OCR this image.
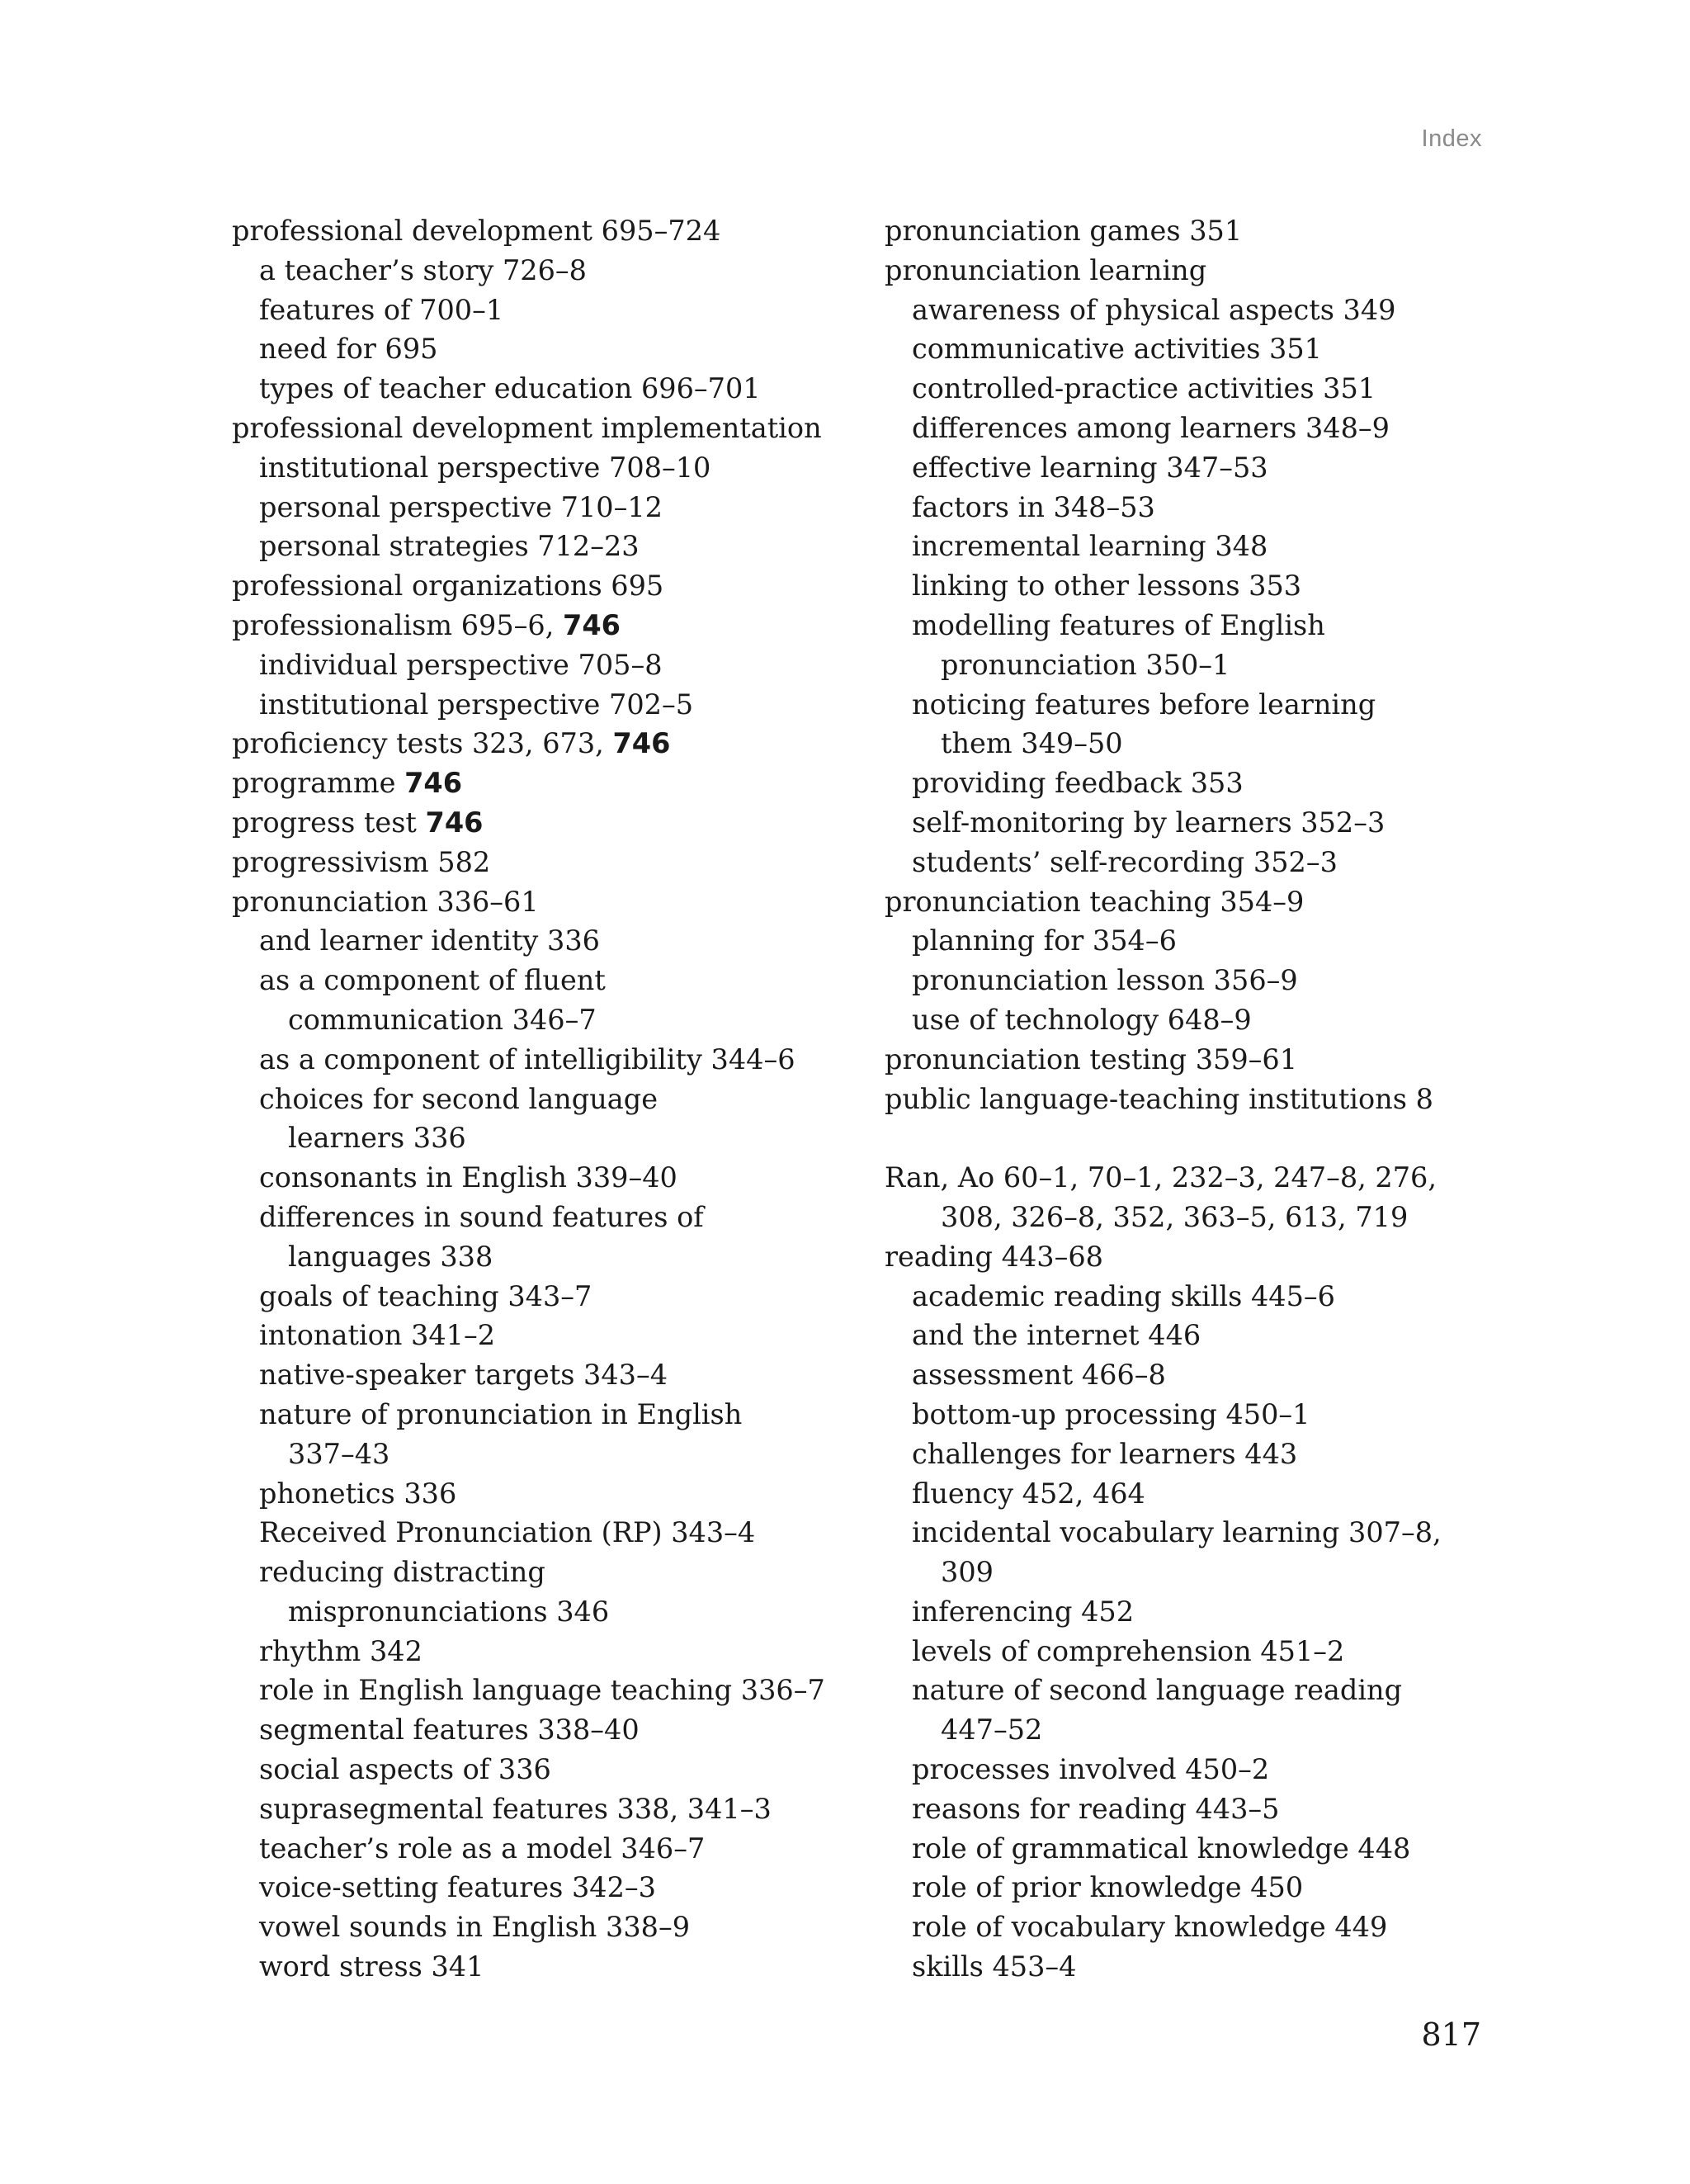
Index
professional development 695–724
a teacher’s story 726–8
features of 700–1
need for 695
types of teacher education 696–701
professional development implementation
institutional perspective 708–10
personal perspective 710–12
personal strategies 712–23
professional organizations 695
professionalism 695–6, 746
individual perspective 705–8
institutional perspective 702–5
proficiency tests 323, 673, 746
programme 746
progress test 746
progressivism 582
pronunciation 336–61
and learner identity 336
as a component of fluent
communication 346–7
as a component of intelligibility 344–6
choices for second language
learners 336
consonants in English 339–40
differences in sound features of
languages 338
goals of teaching 343–7
intonation 341–2
native-speaker targets 343–4
nature of pronunciation in English
337–43
phonetics 336
Received Pronunciation (RP) 343–4
reducing distracting
mispronunciations 346
rhythm 342
role in English language teaching 336–7
segmental features 338–40
social aspects of 336
suprasegmental features 338, 341–3
teacher’s role as a model 346–7
voice-setting features 342–3
vowel sounds in English 338–9
word stress 341
pronunciation games 351
pronunciation learning
awareness of physical aspects 349
communicative activities 351
controlled-practice activities 351
differences among learners 348–9
effective learning 347–53
factors in 348–53
incremental learning 348
linking to other lessons 353
modelling features of English
pronunciation 350–1
noticing features before learning
them 349–50
providing feedback 353
self-monitoring by learners 352–3
students’ self-recording 352–3
pronunciation teaching 354–9
planning for 354–6
pronunciation lesson 356–9
use of technology 648–9
pronunciation testing 359–61
public language-teaching institutions 8
Ran, Ao 60–1, 70–1, 232–3, 247–8, 276,
308, 326–8, 352, 363–5, 613, 719
reading 443–68
academic reading skills 445–6
and the internet 446
assessment 466–8
bottom-up processing 450–1
challenges for learners 443
fluency 452, 464
incidental vocabulary learning 307–8,
309
inferencing 452
levels of comprehension 451–2
nature of second language reading
447–52
processes involved 450–2
reasons for reading 443–5
role of grammatical knowledge 448
role of prior knowledge 450
role of vocabulary knowledge 449
skills 453–4
817
